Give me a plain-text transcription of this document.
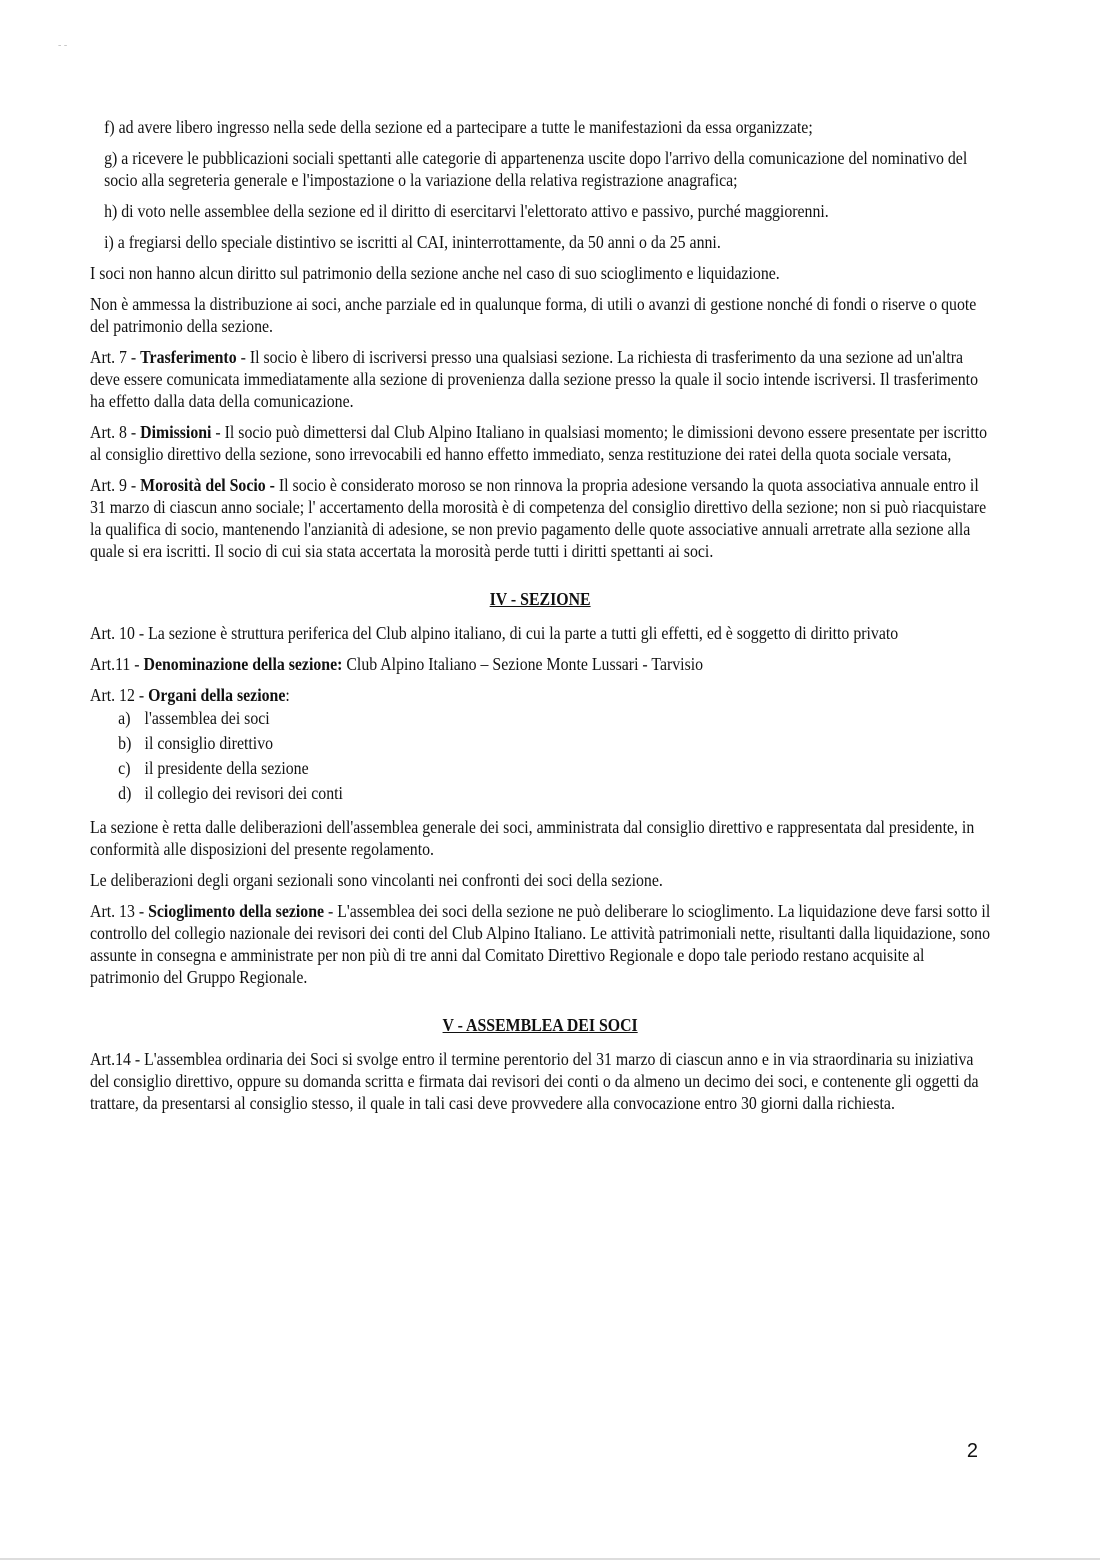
- -

f) ad avere libero ingresso nella sede della sezione ed a partecipare a tutte le manifestazioni da essa organizzate;

g) a ricevere le pubblicazioni sociali spettanti alle categorie di appartenenza uscite dopo l'arrivo della comunicazione del nominativo del socio alla segreteria generale e l'impostazione o la variazione della relativa registrazione anagrafica;

h) di voto nelle assemblee della sezione ed il diritto di esercitarvi l'elettorato attivo e passivo, purché maggiorenni.

i) a fregiarsi dello speciale distintivo se iscritti al CAI, ininterrottamente, da 50 anni o da 25 anni.

I soci non hanno alcun diritto sul patrimonio della sezione anche nel caso di suo scioglimento e liquidazione.

Non è ammessa la distribuzione ai soci, anche parziale ed in qualunque forma, di utili o avanzi di gestione nonché di fondi o riserve o quote del patrimonio della sezione.

Art. 7 - Trasferimento - Il socio è libero di iscriversi presso una qualsiasi sezione. La richiesta di trasferimento da una sezione ad un'altra deve essere comunicata immediatamente alla sezione di provenienza dalla sezione presso la quale il socio intende iscriversi. Il trasferimento ha effetto dalla data della comunicazione.

Art. 8 - Dimissioni - Il socio può dimettersi dal Club Alpino Italiano in qualsiasi momento; le dimissioni devono essere presentate per iscritto al consiglio direttivo della sezione, sono irrevocabili ed hanno effetto immediato, senza restituzione dei ratei della quota sociale versata,

Art. 9 - Morosità del Socio - Il socio è considerato moroso se non rinnova la propria adesione versando la quota associativa annuale entro il 31 marzo di ciascun anno sociale; l' accertamento della morosità è di competenza del consiglio direttivo della sezione; non si può riacquistare la qualifica di socio, mantenendo l'anzianità di adesione, se non previo pagamento delle quote associative annuali arretrate alla sezione alla quale si era iscritti. Il socio di cui sia stata accertata la morosità perde tutti i diritti spettanti ai soci.

IV - SEZIONE

Art. 10 - La sezione è struttura periferica del Club alpino italiano, di cui la parte a tutti gli effetti, ed è soggetto di diritto privato

Art.11 - Denominazione della sezione: Club Alpino Italiano – Sezione Monte Lussari - Tarvisio

Art. 12 - Organi della sezione:

a) l'assemblea dei soci
b) il consiglio direttivo
c) il presidente della sezione
d) il collegio dei revisori dei conti

La sezione è retta dalle deliberazioni dell'assemblea generale dei soci, amministrata dal consiglio direttivo e rappresentata dal presidente, in conformità alle disposizioni del presente regolamento.

Le deliberazioni degli organi sezionali sono vincolanti nei confronti dei soci della sezione.

Art. 13 - Scioglimento della sezione - L'assemblea dei soci della sezione ne può deliberare lo scioglimento. La liquidazione deve farsi sotto il controllo del collegio nazionale dei revisori dei conti del Club Alpino Italiano. Le attività patrimoniali nette, risultanti dalla liquidazione, sono assunte in consegna e amministrate per non più di tre anni dal Comitato Direttivo Regionale e dopo tale periodo restano acquisite al patrimonio del Gruppo Regionale.

V - ASSEMBLEA DEI SOCI

Art.14 - L'assemblea ordinaria dei Soci si svolge entro il termine perentorio del 31 marzo di ciascun anno e in via straordinaria su iniziativa del consiglio direttivo, oppure su domanda scritta e firmata dai revisori dei conti o da almeno un decimo dei soci, e contenente gli oggetti da trattare, da presentarsi al consiglio stesso, il quale in tali casi deve provvedere alla convocazione entro 30 giorni dalla richiesta.

2
